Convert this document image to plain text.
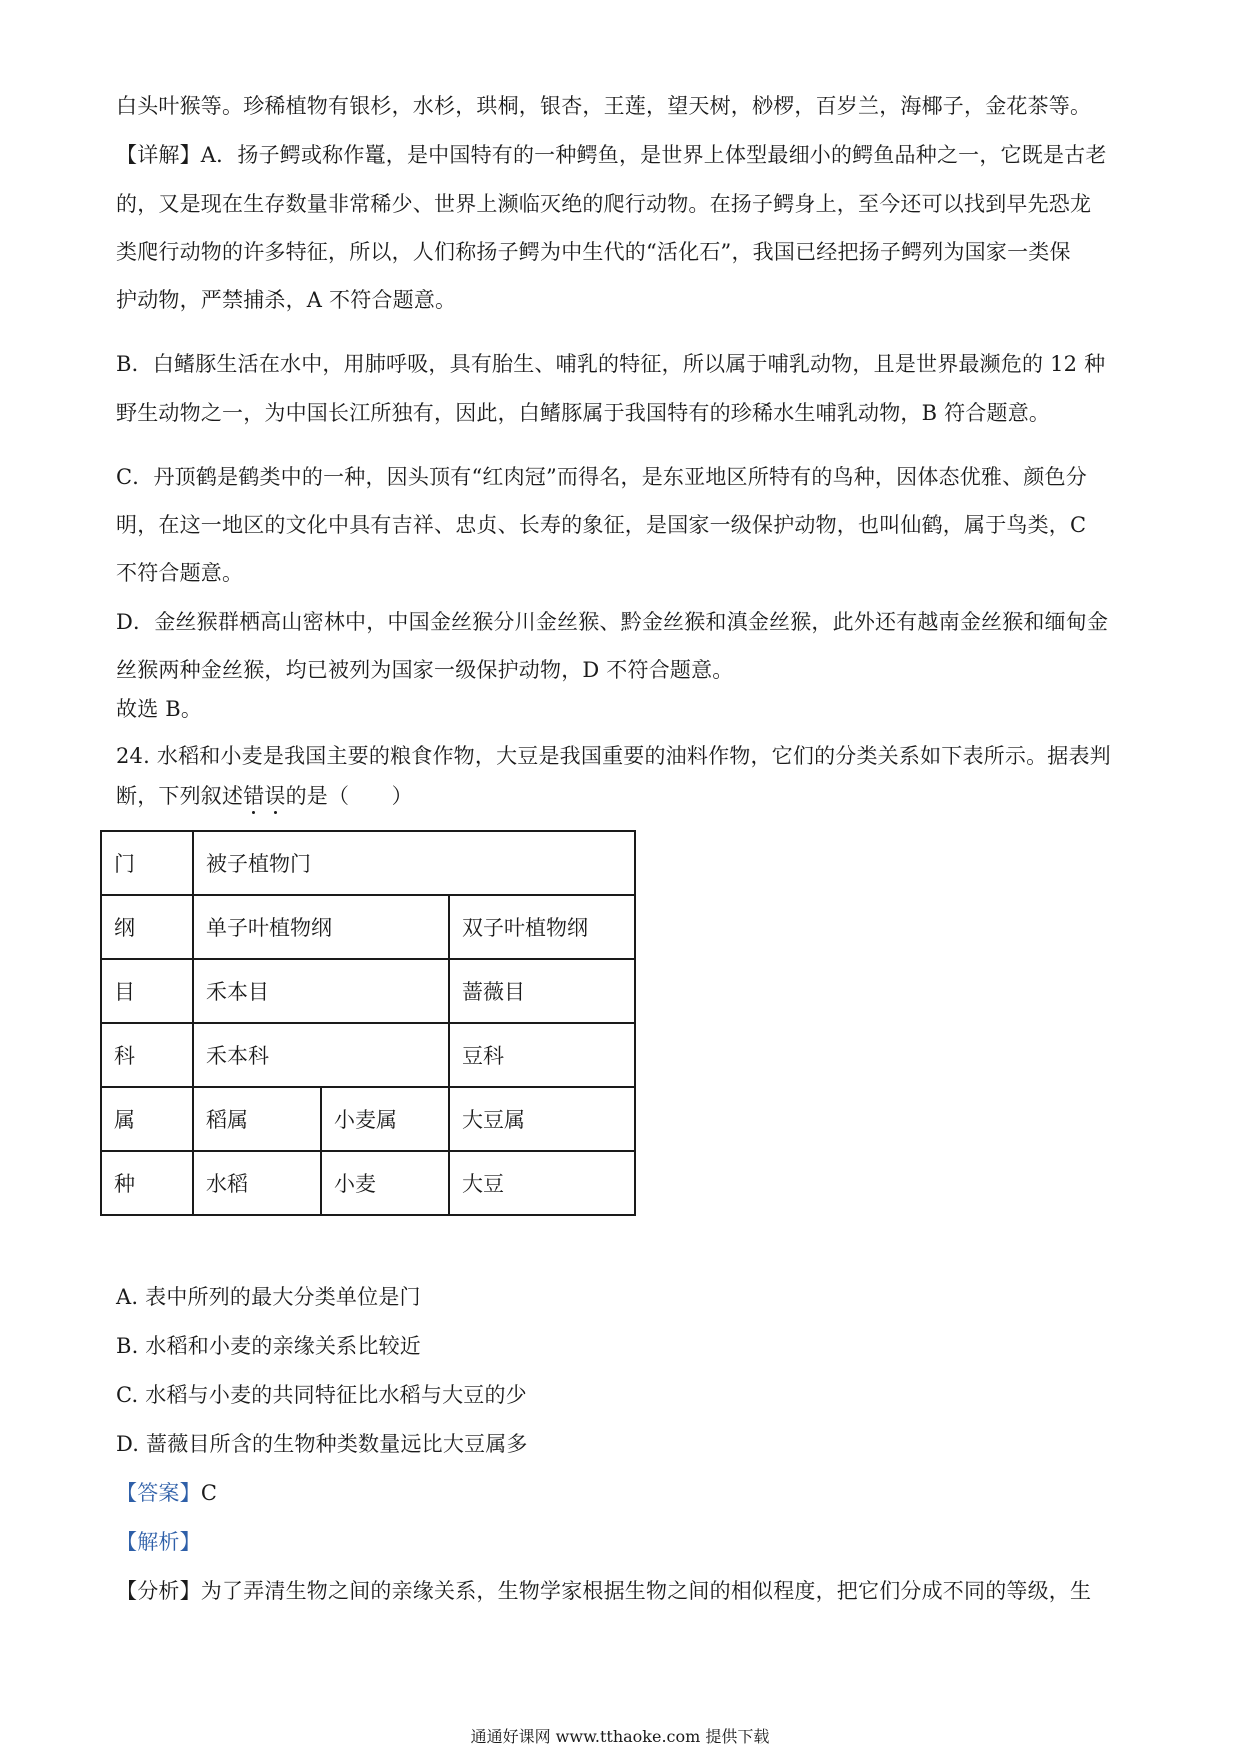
白头叶猴等。珍稀植物有银杉，水杉，珙桐，银杏，王莲，望天树，桫椤，百岁兰，海椰子，金花茶等。
【详解】A．扬子鳄或称作鼍，是中国特有的一种鳄鱼，是世界上体型最细小的鳄鱼品种之一，它既是古老
的，又是现在生存数量非常稀少、世界上濒临灭绝的爬行动物。在扬子鳄身上，至今还可以找到早先恐龙
类爬行动物的许多特征，所以，人们称扬子鳄为中生代的“活化石”，我国已经把扬子鳄列为国家一类保
护动物，严禁捕杀，A 不符合题意。
B．白鳍豚生活在水中，用肺呼吸，具有胎生、哺乳的特征，所以属于哺乳动物，且是世界最濒危的 12 种
野生动物之一，为中国长江所独有，因此，白鳍豚属于我国特有的珍稀水生哺乳动物，B 符合题意。
C．丹顶鹤是鹤类中的一种，因头顶有“红肉冠”而得名，是东亚地区所特有的鸟种，因体态优雅、颜色分
明，在这一地区的文化中具有吉祥、忠贞、长寿的象征，是国家一级保护动物，也叫仙鹤，属于鸟类，C
不符合题意。
D．金丝猴群栖高山密林中，中国金丝猴分川金丝猴、黔金丝猴和滇金丝猴，此外还有越南金丝猴和缅甸金
丝猴两种金丝猴，均已被列为国家一级保护动物，D 不符合题意。
故选 B。
24. 水稻和小麦是我国主要的粮食作物，大豆是我国重要的油料作物，它们的分类关系如下表所示。据表判
断，下列叙述错误的是（　　）
门	被子植物门		
纲	单子叶植物纲		双子叶植物纲
目	禾本目		蔷薇目
科	禾本科		豆科
属	稻属	小麦属	大豆属
种	水稻	小麦	大豆
A. 表中所列的最大分类单位是门
B. 水稻和小麦的亲缘关系比较近
C. 水稻与小麦的共同特征比水稻与大豆的少
D. 蔷薇目所含的生物种类数量远比大豆属多
【答案】C
【解析】
【分析】为了弄清生物之间的亲缘关系，生物学家根据生物之间的相似程度，把它们分成不同的等级，生
通通好课网 www.tthaoke.com 提供下载
